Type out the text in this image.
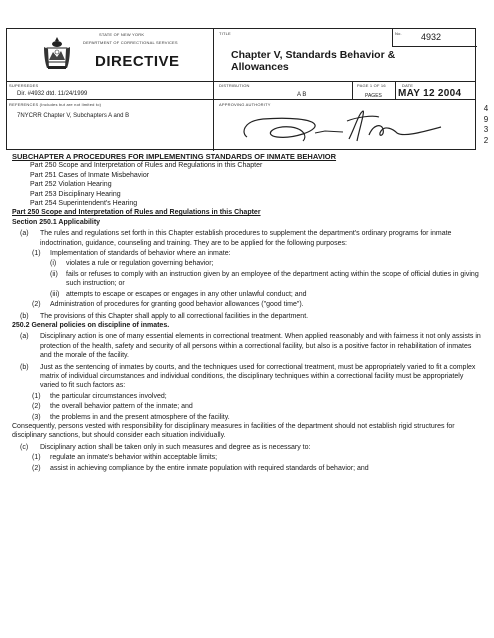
STATE OF NEW YORK
DEPARTMENT OF CORRECTIONAL SERVICES
DIRECTIVE
TITLE
Chapter V, Standards Behavior & Allowances
No. 4932
SUPERSEDES
Dir. #4932 dtd. 11/24/1999
DISTRIBUTION
A B
PAGE 1 OF 16
PAGES
DATE
MAY 12 2004
REFERENCES (Includes but are not limited to)
7NYCRR Chapter V, Subchapters A and B
APPROVING AUTHORITY	4
9
3
2

SUBCHAPTER A PROCEDURES FOR IMPLEMENTING STANDARDS OF INMATE BEHAVIOR

Part 250 Scope and Interpretation of Rules and Regulations in this Chapter

Part 251 Cases of Inmate Misbehavior

Part 252 Violation Hearing

Part 253 Disciplinary Hearing

Part 254 Superintendent's Hearing

Part 250 Scope and Interpretation of Rules and Regulations in this Chapter

Section 250.1 Applicability

(a)	The rules and regulations set forth in this Chapter establish procedures to supplement the department's ordinary programs for inmate indoctrination, guidance, counseling and training. They are to be applied for the following purposes:
(1)	Implementation of standards of behavior where an inmate:
(i)	violates a rule or regulation governing behavior;
(ii)	fails or refuses to comply with an instruction given by an employee of the department acting within the scope of official duties in giving such instruction; or
(iii) attempts to escape or escapes or engages in any other unlawful conduct; and
(2)	Administration of procedures for granting good behavior allowances ("good time").
(b)	The provisions of this Chapter shall apply to all correctional facilities in the department.

250.2 General policies on discipline of inmates.

(a)	Disciplinary action is one of many essential elements in correctional treatment. When applied reasonably and with fairness it not only assists in protection of the health, safety and security of all persons within a correctional facility, but also is a positive factor in rehabilitation of inmates and the morale of the facility.
(b)	Just as the sentencing of inmates by courts, and the techniques used for correctional treatment, must be appropriately varied to fit a complex matrix of individual circumstances and individual conditions, the disciplinary techniques within a correctional facility must be appropriately varied to fit such factors as:
(1)	the particular circumstances involved;
(2)	the overall behavior pattern of the inmate; and
(3)	the problems in and the present atmosphere of the facility.

Consequently, persons vested with responsibility for disciplinary measures in facilities of the department should not establish rigid structures for disciplinary sanctions, but should consider each situation individually.

(c)	Disciplinary action shall be taken only in such measures and degree as is necessary to:
(1)	regulate an inmate's behavior within acceptable limits;
(2)	assist in achieving compliance by the entire inmate population with required standards of behavior; and
